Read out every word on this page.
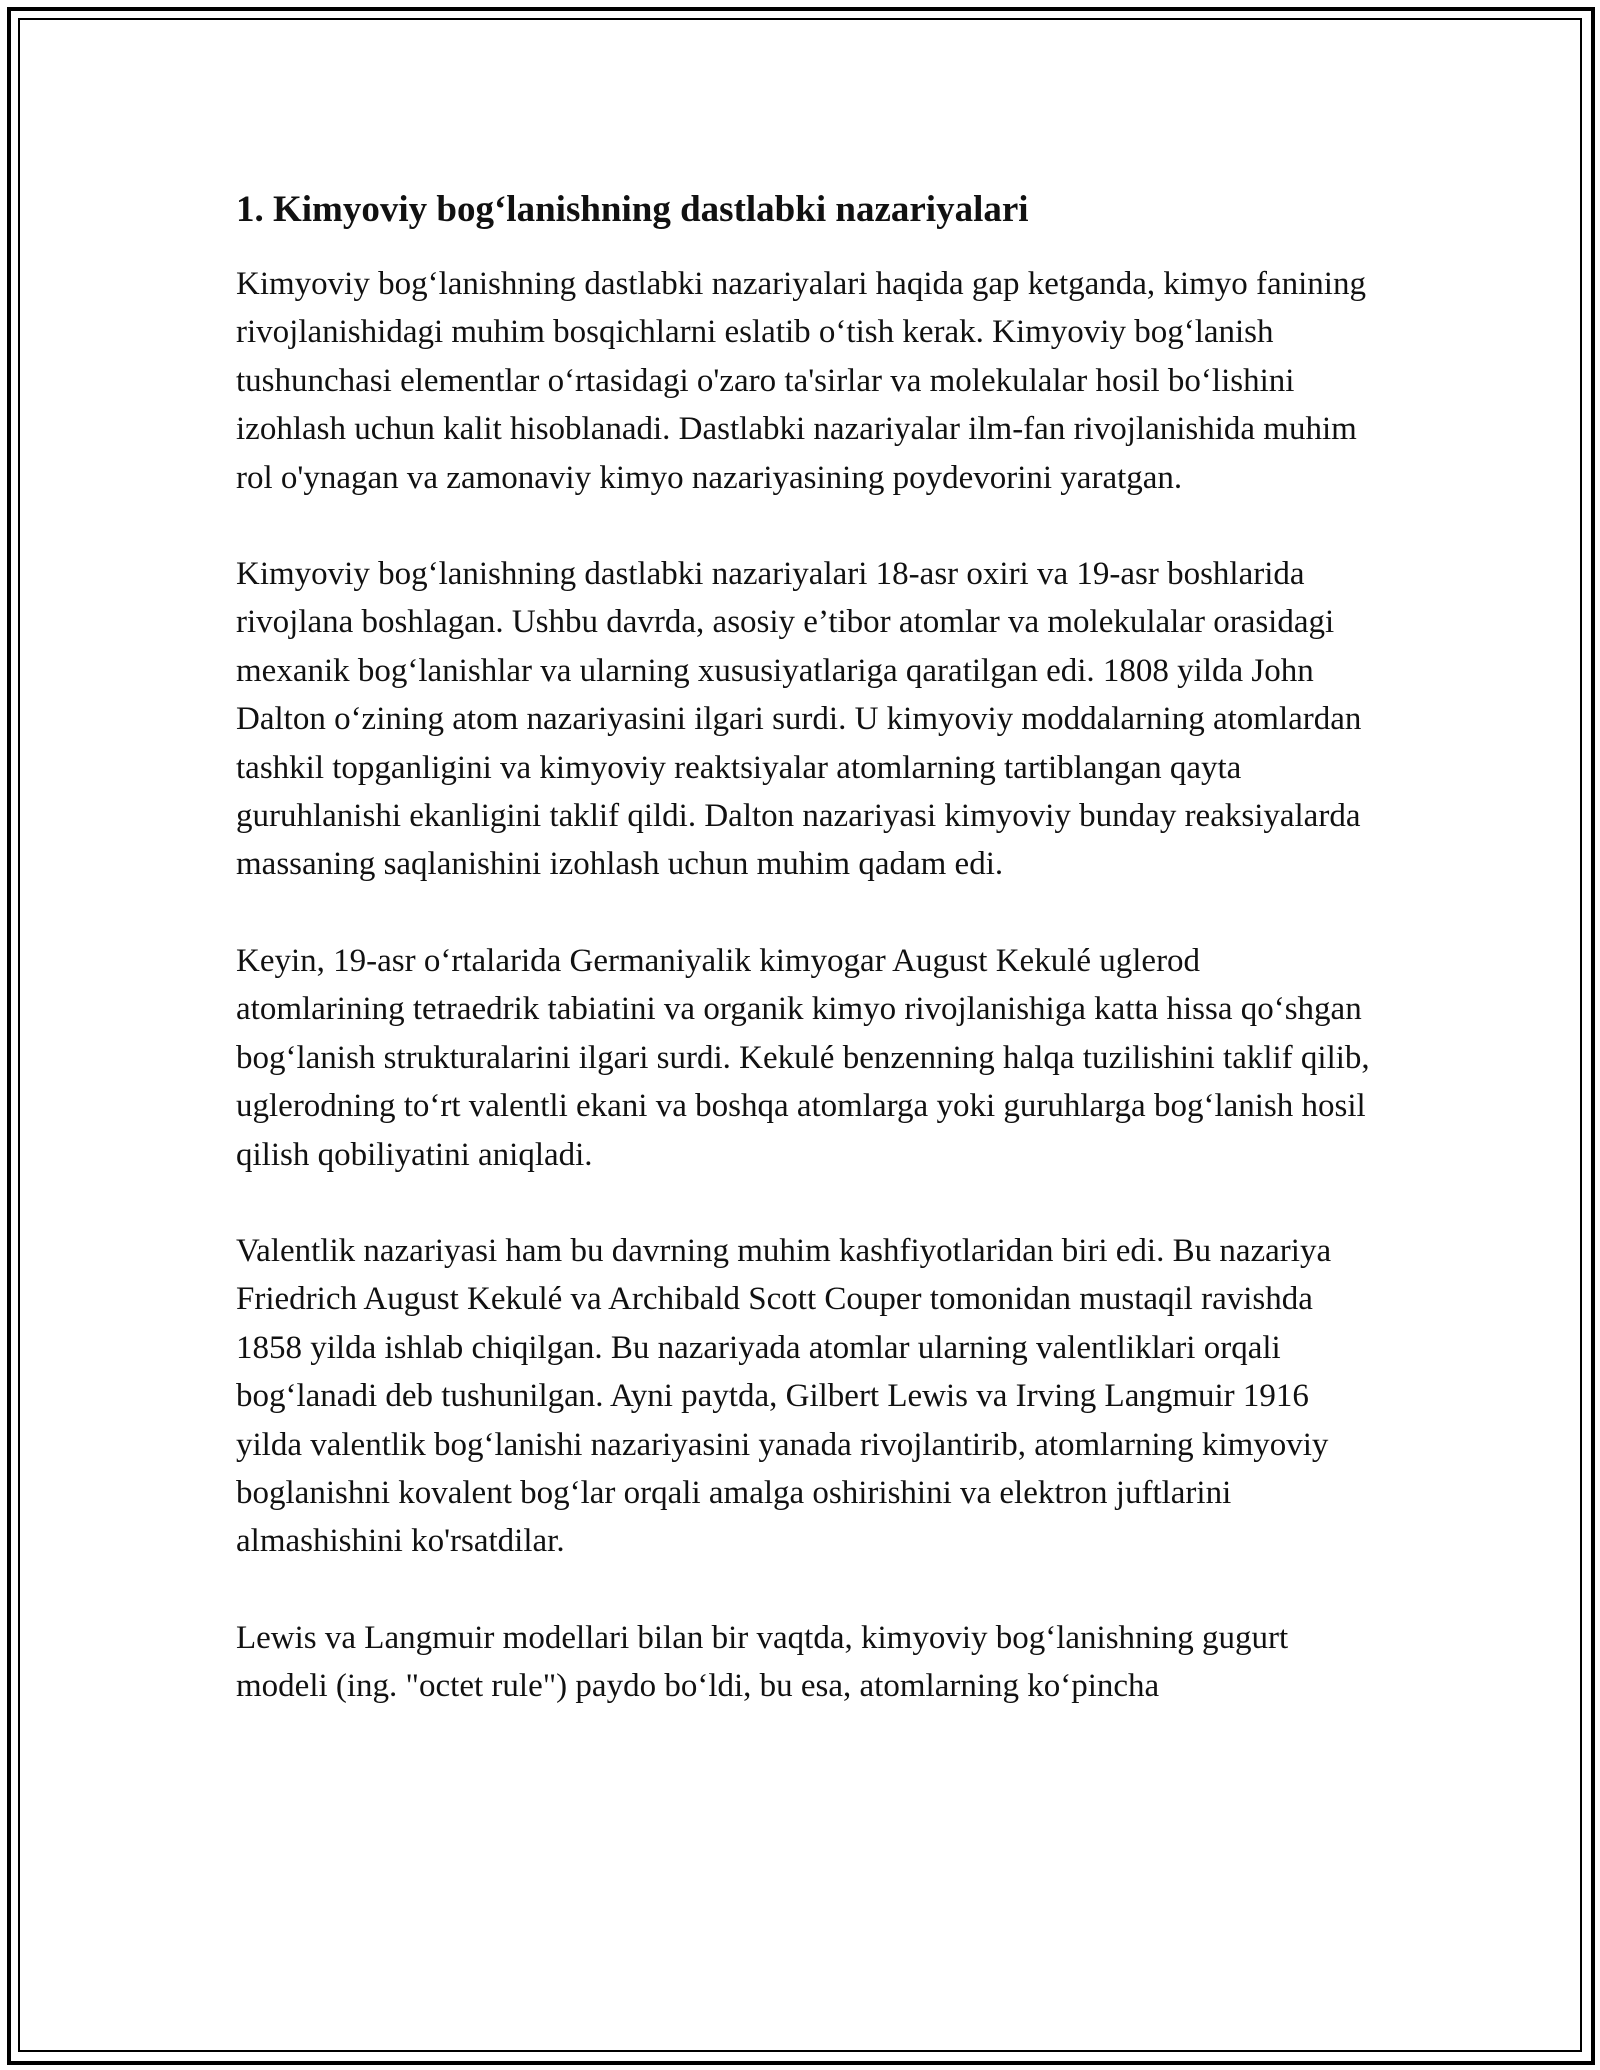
1. Kimyoviy bog‘lanishning dastlabki nazariyalari

Kimyoviy bog‘lanishning dastlabki nazariyalari haqida gap ketganda, kimyo fanining rivojlanishidagi muhim bosqichlarni eslatib o‘tish kerak. Kimyoviy bog‘lanish tushunchasi elementlar o‘rtasidagi o'zaro ta'sirlar va molekulalar hosil bo‘lishini izohlash uchun kalit hisoblanadi. Dastlabki nazariyalar ilm-fan rivojlanishida muhim rol o'ynagan va zamonaviy kimyo nazariyasining poydevorini yaratgan.

Kimyoviy bog‘lanishning dastlabki nazariyalari 18-asr oxiri va 19-asr boshlarida rivojlana boshlagan. Ushbu davrda, asosiy e’tibor atomlar va molekulalar orasidagi mexanik bog‘lanishlar va ularning xususiyatlariga qaratilgan edi. 1808 yilda John Dalton o‘zining atom nazariyasini ilgari surdi. U kimyoviy moddalarning atomlardan tashkil topganligini va kimyoviy reaktsiyalar atomlarning tartiblangan qayta guruhlanishi ekanligini taklif qildi. Dalton nazariyasi kimyoviy bunday reaksiyalarda massaning saqlanishini izohlash uchun muhim qadam edi.

Keyin, 19-asr o‘rtalarida Germaniyalik kimyogar August Kekulé uglerod atomlarining tetraedrik tabiatini va organik kimyo rivojlanishiga katta hissa qo‘shgan bog‘lanish strukturalarini ilgari surdi. Kekulé benzenning halqa tuzilishini taklif qilib, uglerodning to‘rt valentli ekani va boshqa atomlarga yoki guruhlarga bog‘lanish hosil qilish qobiliyatini aniqladi.

Valentlik nazariyasi ham bu davrning muhim kashfiyotlaridan biri edi. Bu nazariya Friedrich August Kekulé va Archibald Scott Couper tomonidan mustaqil ravishda 1858 yilda ishlab chiqilgan. Bu nazariyada atomlar ularning valentliklari orqali bog‘lanadi deb tushunilgan. Ayni paytda, Gilbert Lewis va Irving Langmuir 1916 yilda valentlik bog‘lanishi nazariyasini yanada rivojlantirib, atomlarning kimyoviy boglanishni kovalent bog‘lar orqali amalga oshirishini va elektron juftlarini almashishini ko'rsatdilar.

Lewis va Langmuir modellari bilan bir vaqtda, kimyoviy bog‘lanishning gugurt modeli (ing. "octet rule") paydo bo‘ldi, bu esa, atomlarning ko‘pincha
